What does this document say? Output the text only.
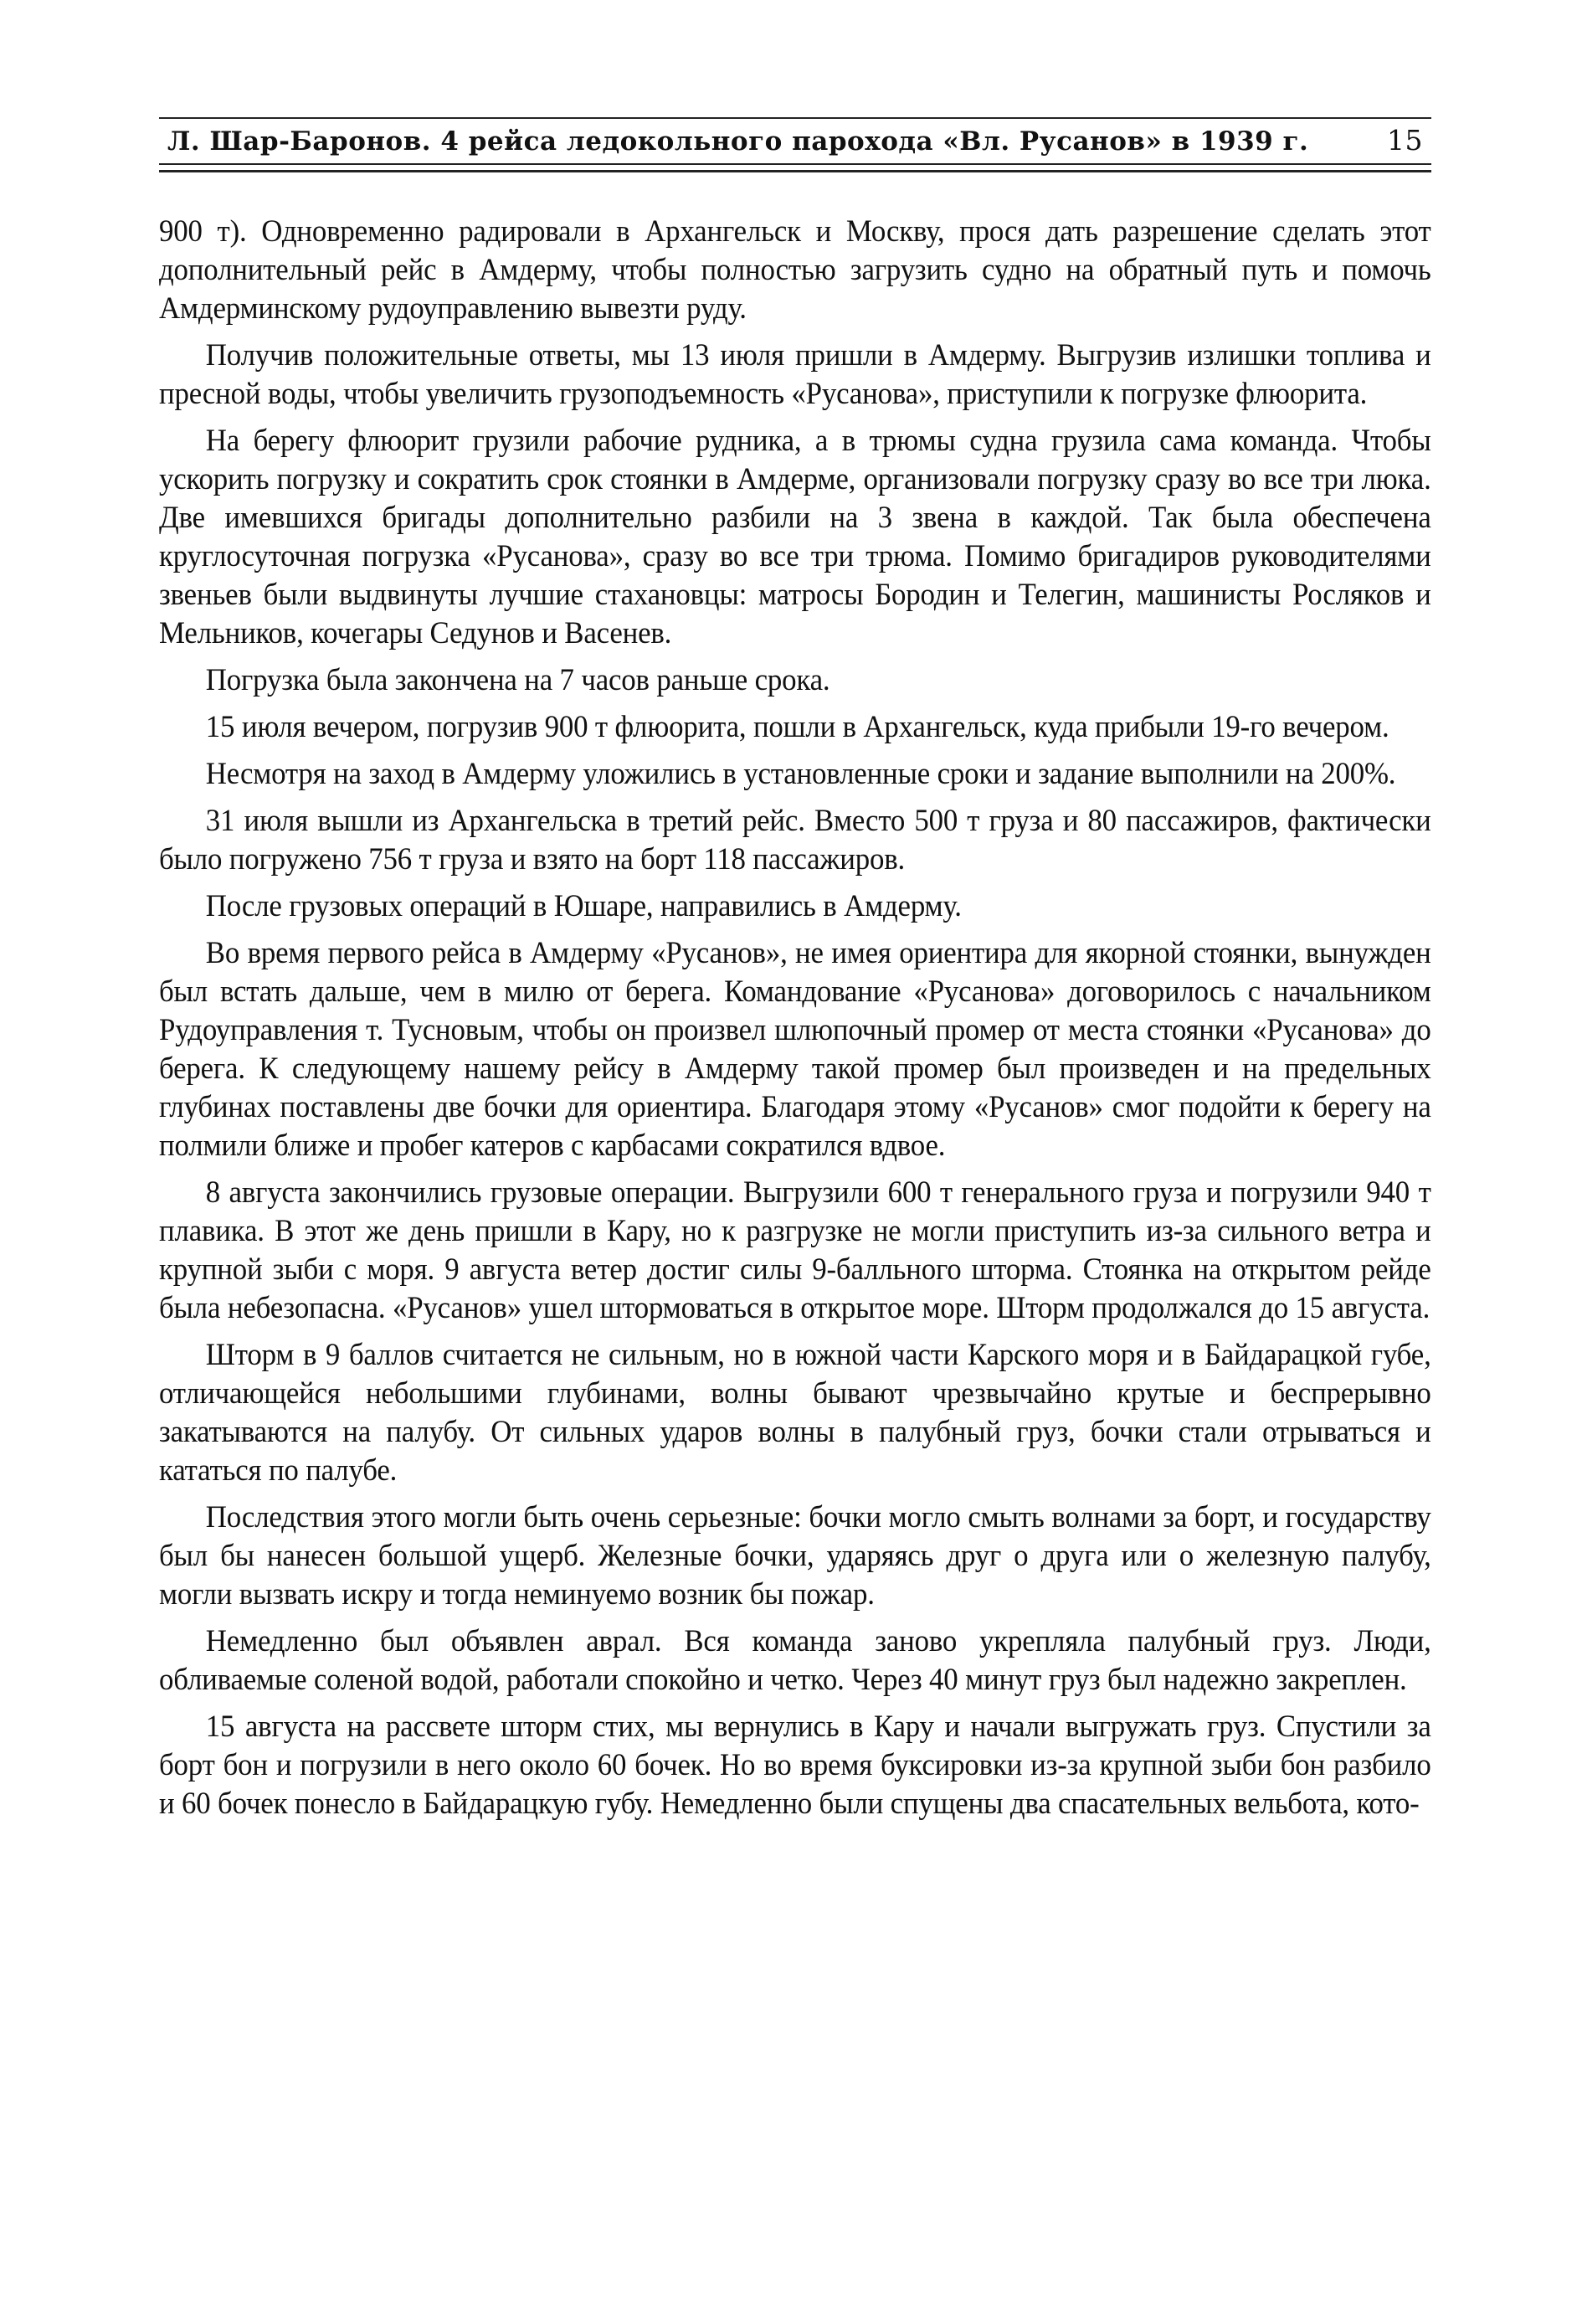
Л. Шар-Баронов. 4 рейса ледокольного парохода «Вл. Русанов» в 1939 г.	15

900 т). Одновременно радировали в Архангельск и Москву, прося дать разрешение сделать этот дополнительный рейс в Амдерму, чтобы полностью загрузить судно на обратный путь и помочь Амдерминскому рудоуправлению вывезти руду.

Получив положительные ответы, мы 13 июля пришли в Амдерму. Выгрузив излишки топлива и пресной воды, чтобы увеличить грузоподъемность «Русанова», приступили к погрузке флюорита.

На берегу флюорит грузили рабочие рудника, а в трюмы судна грузила сама команда. Чтобы ускорить погрузку и сократить срок стоянки в Амдерме, организовали погрузку сразу во все три люка. Две имевшихся бригады дополнительно разбили на 3 звена в каждой. Так была обеспечена круглосуточная погрузка «Русанова», сразу во все три трюма. Помимо бригадиров руководителями звеньев были выдвинуты лучшие стахановцы: матросы Бородин и Телегин, машинисты Росляков и Мельников, кочегары Седунов и Васенев.

Погрузка была закончена на 7 часов раньше срока.

15 июля вечером, погрузив 900 т флюорита, пошли в Архангельск, куда прибыли 19-го вечером.

Несмотря на заход в Амдерму уложились в установленные сроки и задание выполнили на 200%.

31 июля вышли из Архангельска в третий рейс. Вместо 500 т груза и 80 пассажиров, фактически было погружено 756 т груза и взято на борт 118 пассажиров.

После грузовых операций в Юшаре, направились в Амдерму.

Во время первого рейса в Амдерму «Русанов», не имея ориентира для якорной стоянки, вынужден был встать дальше, чем в милю от берега. Командование «Русанова» договорилось с начальником Рудоуправления т. Тусновым, чтобы он произвел шлюпочный промер от места стоянки «Русанова» до берега. К следующему нашему рейсу в Амдерму такой промер был произведен и на предельных глубинах поставлены две бочки для ориентира. Благодаря этому «Русанов» смог подойти к берегу на полмили ближе и пробег катеров с карбасами сократился вдвое.

8 августа закончились грузовые операции. Выгрузили 600 т генерального груза и погрузили 940 т плавика. В этот же день пришли в Кару, но к разгрузке не могли приступить из-за сильного ветра и крупной зыби с моря. 9 августа ветер достиг силы 9-балльного шторма. Стоянка на открытом рейде была небезопасна. «Русанов» ушел штормоваться в открытое море. Шторм продолжался до 15 августа.

Шторм в 9 баллов считается не сильным, но в южной части Карского моря и в Байдарацкой губе, отличающейся небольшими глубинами, волны бывают чрезвычайно крутые и беспрерывно закатываются на палубу. От сильных ударов волны в палубный груз, бочки стали отрываться и кататься по палубе.

Последствия этого могли быть очень серьезные: бочки могло смыть волнами за борт, и государству был бы нанесен большой ущерб. Железные бочки, ударяясь друг о друга или о железную палубу, могли вызвать искру и тогда неминуемо возник бы пожар.

Немедленно был объявлен аврал. Вся команда заново укрепляла палубный груз. Люди, обливаемые соленой водой, работали спокойно и четко. Через 40 минут груз был надежно закреплен.

15 августа на рассвете шторм стих, мы вернулись в Кару и начали выгружать груз. Спустили за борт бон и погрузили в него около 60 бочек. Но во время буксировки из-за крупной зыби бон разбило и 60 бочек понесло в Байдарацкую губу. Немедленно были спущены два спасательных вельбота, кото-
